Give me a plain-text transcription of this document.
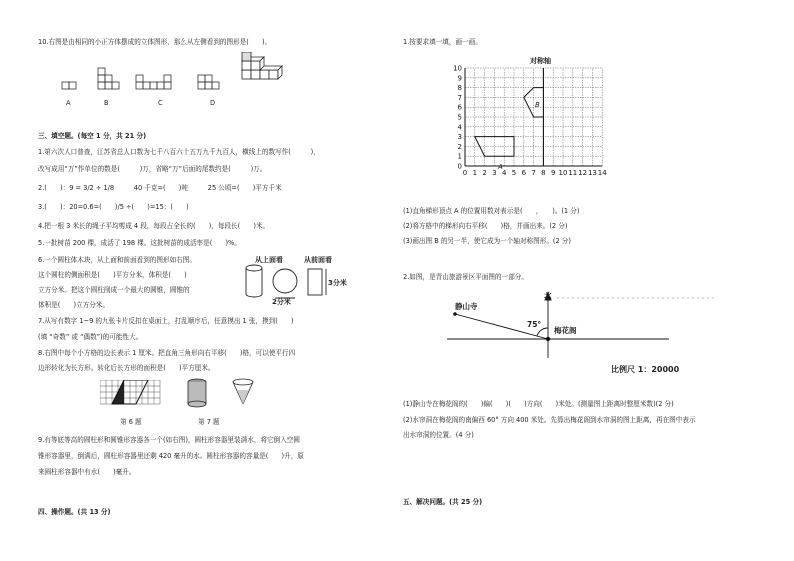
10.右图是由相同的小正方体摆成的立体图形，那么从左侧看到的图形是(　　)。
A	B	C	D
三、填空题。(每空 1 分，共 21 分)
1.第六次人口普查，江苏省总人口数为七千八百六十五万九千九百人，横线上的数写作(　　　)，
改写成用“万”作单位的数是(　　　)万，省略“万”后面的尾数约是(　　　)万。
2.(　　)：9 = 3/2 ÷ 1/8　　　40 千克=(　　)吨　　　25 公顷=(　　)平方千米
3.(　　)：20=0.6=(　　)/5 ÷(　　)=15：(　　)
4.把一根 3 米长的绳子平均剪成 4 段，每段占全长的(　　)，每段长(　　)米。
5.一批树苗 200 棵，成活了 198 棵。这批树苗的成活率是(　　)%。
6.一个圆柱体木块，从上面和前面看到的图形如右图。
这个圆柱的侧面积是(　　)平方分米，体积是(　　)
立方分米。把这个圆柱削成一个最大的圆锥，圆锥的
体积是(　　)立方分米。
从上面看	从前面看
2分米
3分米
7.从写有数字 1~9 的九张卡片反扣在桌面上，打乱顺序后，任意摸出 1 张，摸到(　　)
(填 “奇数” 或 “偶数”)的可能性大。
8.右图中每个小方格的边长表示 1 厘米。把直角三角形向右平移(　　)格，可以使平行四
边形转化为长方形。转化后长方形的面积是(　　)平方厘米。
第 6 题	第 7 题
9.有等底等高的圆柱形和圆锥形容器各一个(如右图)，圆柱形容器里装满水，将它倒入空圆
锥形容器里，倒满后，圆柱形容器里还剩 420 毫升的水。圆柱形容器的容量是(　　)升，原
来圆柱形容器中有水(　　)毫升。
四、操作题。(共 13 分)
1.按要求填一填，画一画。
对称轴
0 1 2 3 4 5 6 7 8 9 10 11 12 13 14
10
9
8
7
6
5
4
3
2
1
0	A
B
(1)直角梯形顶点 A 的位置用数对表示是(　　，　　)。(1 分)
(2)将方格中的梯形向右平移(　　)格，并画出来。(2 分)
(3)画出图 B 的另一半，使它成为一个轴对称图形。(2 分)
2.如图，是青山旅游景区平面图的一部分。
北
静山寺
75°
梅花阁
比例尺 1：20000
(1)静山寺在梅花阁的(　　)偏(　　)(　　)方向(　　)米处。(测量图上距离时整厘米数)(2 分)
(2)水帘洞在梅花阁的南偏西 60° 方向 400 米处。先算出梅花阁到水帘洞的图上距离，再在图中表示
出水帘洞的位置。(4 分)
五、解决问题。(共 25 分)
